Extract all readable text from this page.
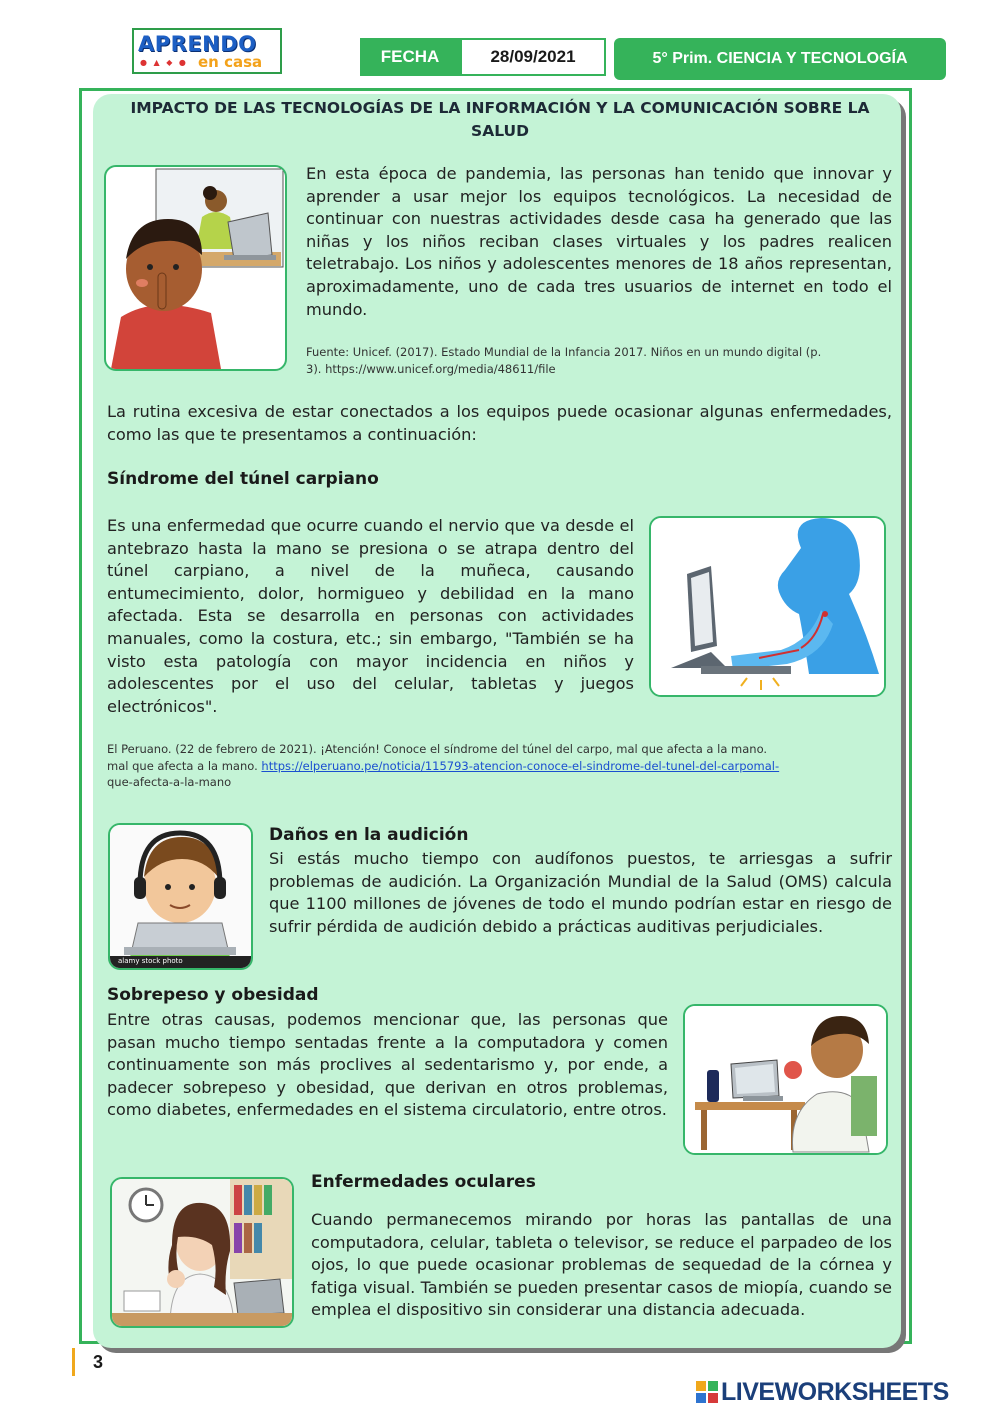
APRENDO
● ▲ ◆ ● en casa	FECHA	28/09/2021	5° Prim. CIENCIA Y TECNOLOGÍA
IMPACTO DE LAS TECNOLOGÍAS DE LA INFORMACIÓN Y LA COMUNICACIÓN SOBRE LA SALUD
En esta época de pandemia, las personas han tenido que innovar y aprender a usar mejor los equipos tecnológicos. La necesidad de continuar con nuestras actividades desde casa ha generado que las niñas y los niños reciban clases virtuales y los padres realicen teletrabajo. Los niños y adolescentes menores de 18 años representan, aproximadamente, uno de cada tres usuarios de internet en todo el mundo.
Fuente: Unicef. (2017). Estado Mundial de la Infancia 2017. Niños en un mundo digital (p. 3). https://www.unicef.org/media/48611/file
La rutina excesiva de estar conectados a los equipos puede ocasionar algunas enfermedades, como las que te presentamos a continuación:
Síndrome del túnel carpiano
Es una enfermedad que ocurre cuando el nervio que va desde el antebrazo hasta la mano se presiona o se atrapa dentro del túnel carpiano, a nivel de la muñeca, causando entumecimiento, dolor, hormigueo y debilidad en la mano afectada. Esta se desarrolla en personas con actividades manuales, como la costura, etc.; sin embargo, "También se ha visto esta patología con mayor incidencia en niños y adolescentes por el uso del celular, tabletas y juegos electrónicos".
El Peruano. (22 de febrero de 2021). ¡Atención! Conoce el síndrome del túnel del carpo, mal que afecta a la mano.
mal que afecta a la mano. https://elperuano.pe/noticia/115793-atencion-conoce-el-sindrome-del-tunel-del-carpomal-
que-afecta-a-la-mano
alamy stock photo
Daños en la audición
Si estás mucho tiempo con audífonos puestos, te arriesgas a sufrir problemas de audición. La Organización Mundial de la Salud (OMS) calcula que 1100 millones de jóvenes de todo el mundo podrían estar en riesgo de sufrir pérdida de audición debido a prácticas auditivas perjudiciales.
Sobrepeso y obesidad
Entre otras causas, podemos mencionar que, las personas que pasan mucho tiempo sentadas frente a la computadora y comen continuamente son más proclives al sedentarismo y, por ende, a padecer sobrepeso y obesidad, que derivan en otros problemas, como diabetes, enfermedades en el sistema circulatorio, entre otros.
Enfermedades oculares
Cuando permanecemos mirando por horas las pantallas de una computadora, celular, tableta o televisor, se reduce el parpadeo de los ojos, lo que puede ocasionar problemas de sequedad de la córnea y fatiga visual. También se pueden presentar casos de miopía, cuando se emplea el dispositivo sin considerar una distancia adecuada.
3
LIVEWORKSHEETS
